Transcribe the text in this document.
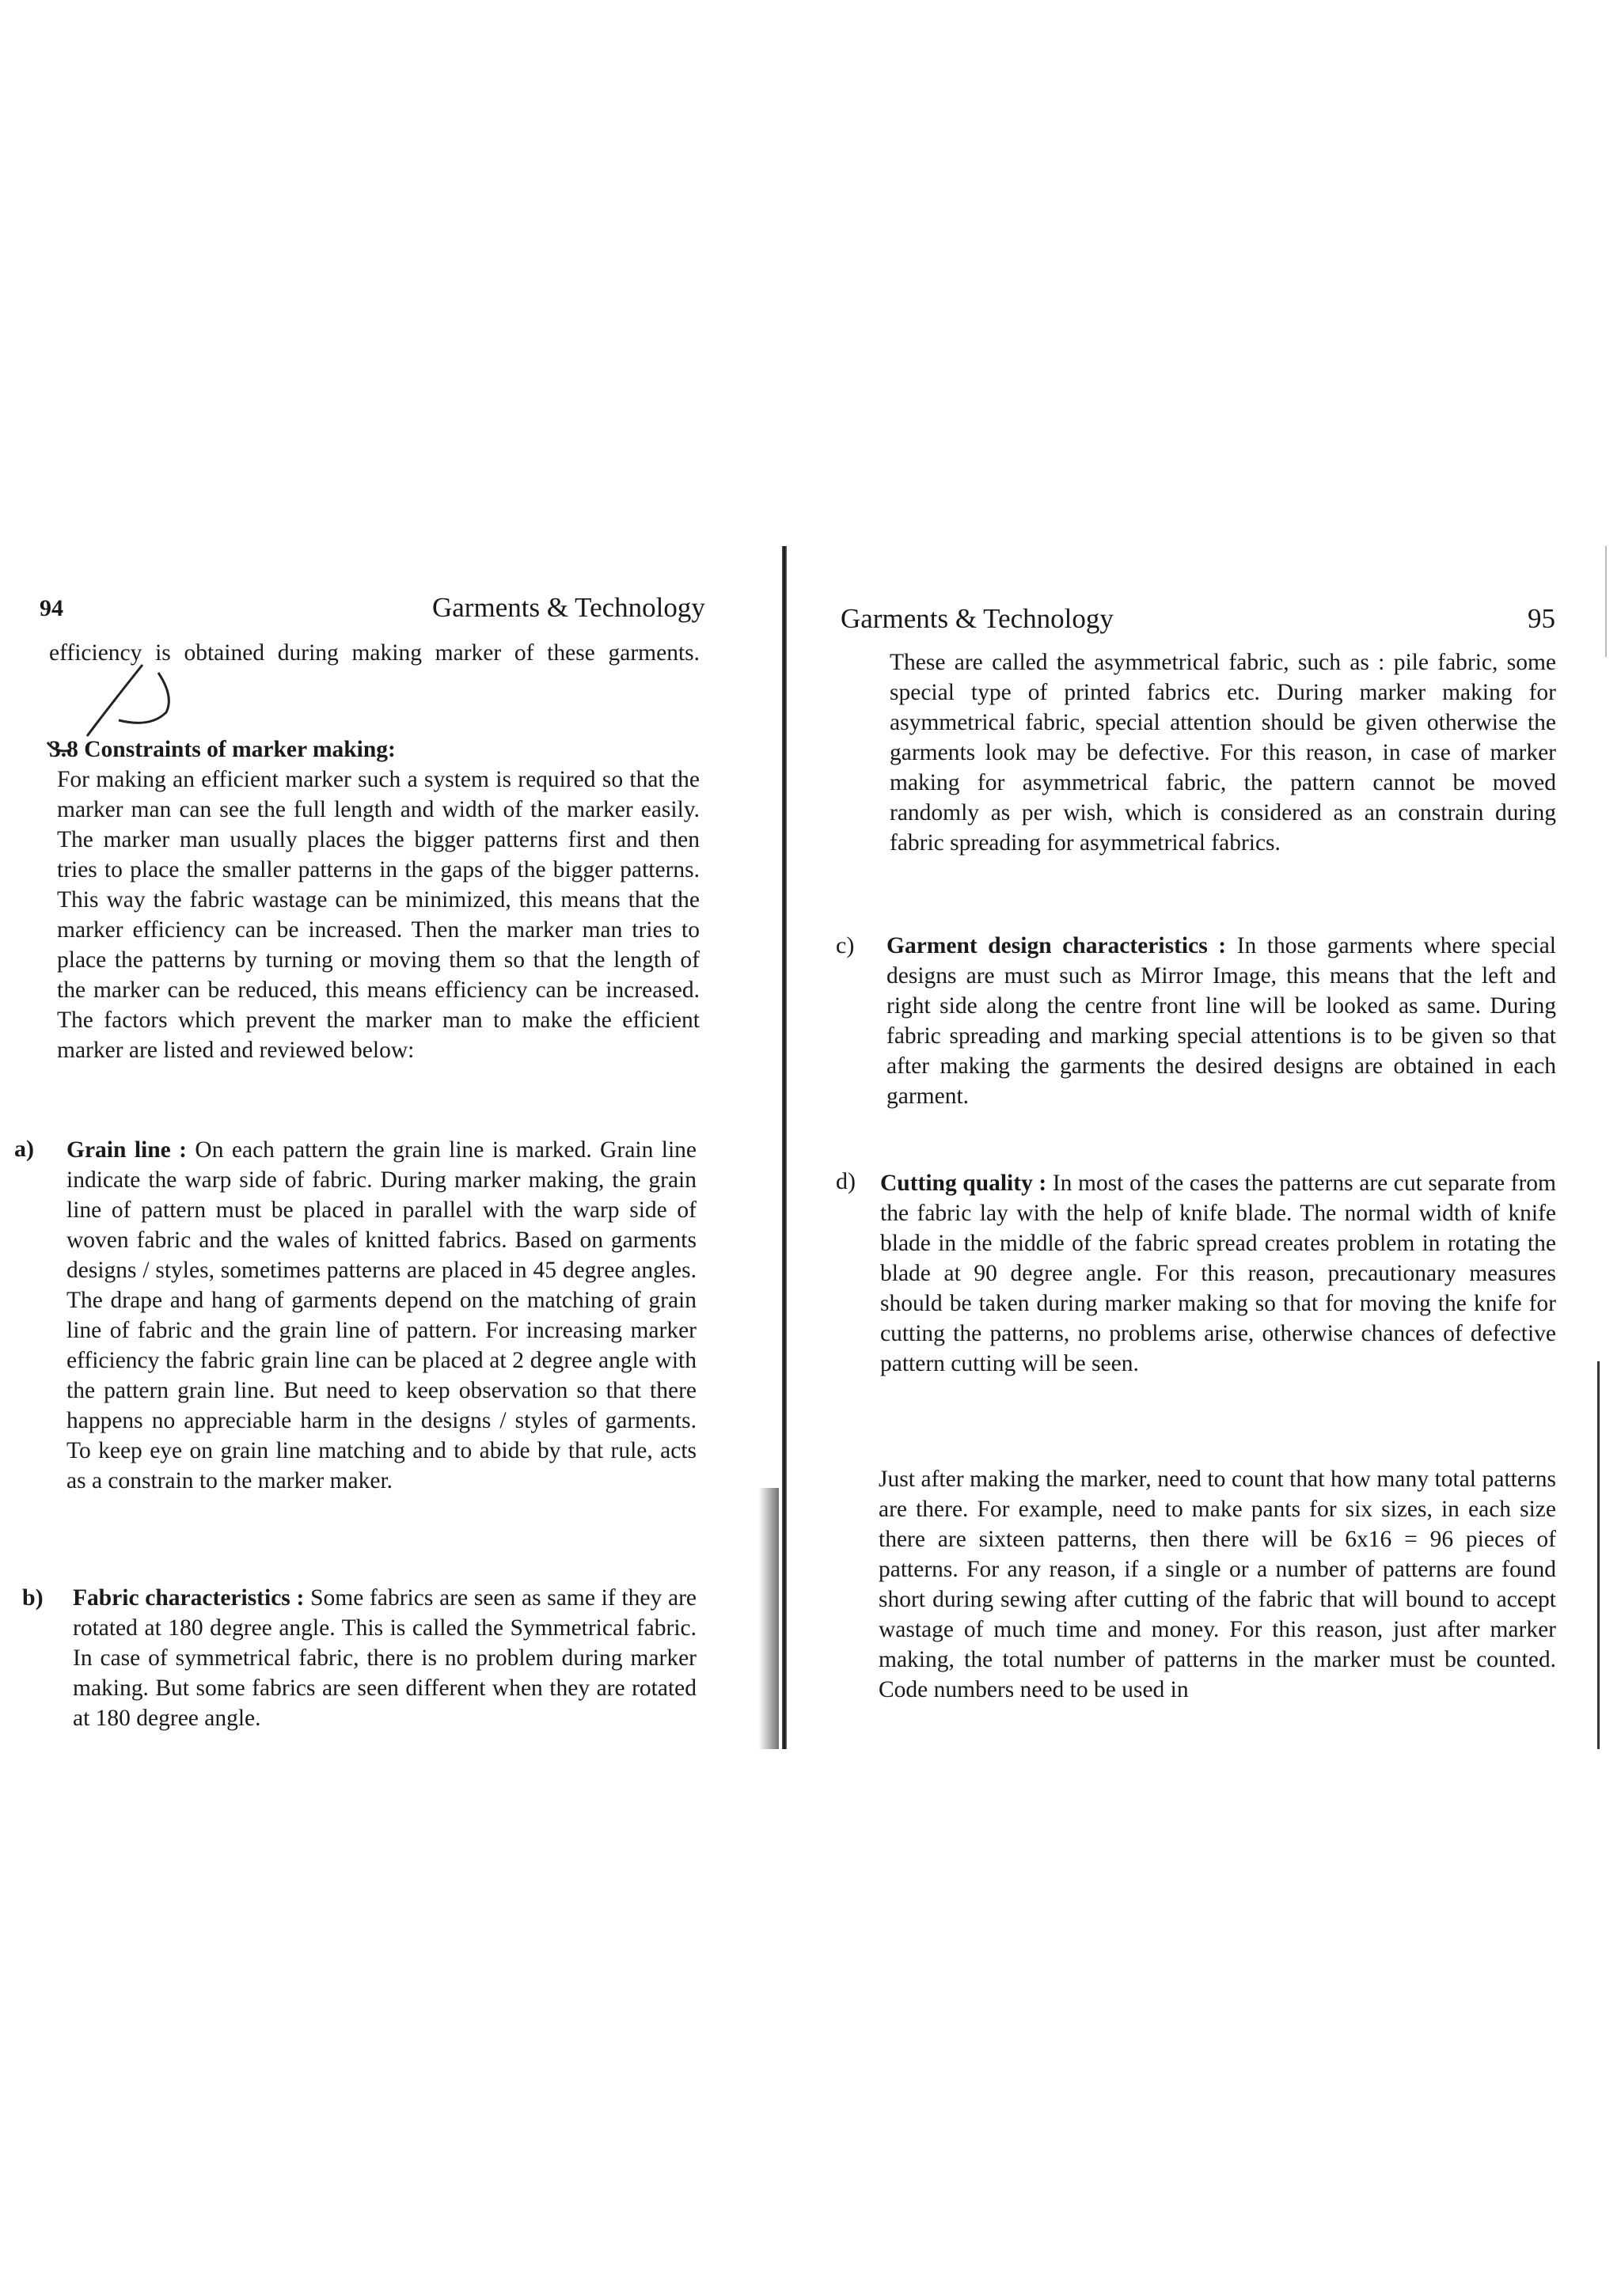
94	Garments & Technology
efficiency is obtained during making marker of these garments.
3.8 Constraints of marker making:
For making an efficient marker such a system is required so that the marker man can see the full length and width of the marker easily. The marker man usually places the bigger patterns first and then tries to place the smaller patterns in the gaps of the bigger patterns. This way the fabric wastage can be minimized, this means that the marker efficiency can be increased. Then the marker man tries to place the patterns by turning or moving them so that the length of the marker can be reduced, this means efficiency can be increased. The factors which prevent the marker man to make the efficient marker are listed and reviewed below:
a) Grain line : On each pattern the grain line is marked. Grain line indicate the warp side of fabric. During marker making, the grain line of pattern must be placed in parallel with the warp side of woven fabric and the wales of knitted fabrics. Based on garments designs / styles, sometimes patterns are placed in 45 degree angles. The drape and hang of garments depend on the matching of grain line of fabric and the grain line of pattern. For increasing marker efficiency the fabric grain line can be placed at 2 degree angle with the pattern grain line. But need to keep observation so that there happens no appreciable harm in the designs / styles of garments. To keep eye on grain line matching and to abide by that rule, acts as a constrain to the marker maker.
b) Fabric characteristics : Some fabrics are seen as same if they are rotated at 180 degree angle. This is called the Symmetrical fabric. In case of symmetrical fabric, there is no problem during marker making. But some fabrics are seen different when they are rotated at 180 degree angle.
Garments & Technology	95
These are called the asymmetrical fabric, such as : pile fabric, some special type of printed fabrics etc. During marker making for asymmetrical fabric, special attention should be given otherwise the garments look may be defective. For this reason, in case of marker making for asymmetrical fabric, the pattern cannot be moved randomly as per wish, which is considered as an constrain during fabric spreading for asymmetrical fabrics.
c) Garment design characteristics : In those garments where special designs are must such as Mirror Image, this means that the left and right side along the centre front line will be looked as same. During fabric spreading and marking special attentions is to be given so that after making the garments the desired designs are obtained in each garment.
d) Cutting quality : In most of the cases the patterns are cut separate from the fabric lay with the help of knife blade. The normal width of knife blade in the middle of the fabric spread creates problem in rotating the blade at 90 degree angle. For this reason, precautionary measures should be taken during marker making so that for moving the knife for cutting the patterns, no problems arise, otherwise chances of defective pattern cutting will be seen.
Just after making the marker, need to count that how many total patterns are there. For example, need to make pants for six sizes, in each size there are sixteen patterns, then there will be 6x16 = 96 pieces of patterns. For any reason, if a single or a number of patterns are found short during sewing after cutting of the fabric that will bound to accept wastage of much time and money. For this reason, just after marker making, the total number of patterns in the marker must be counted. Code numbers need to be used in
